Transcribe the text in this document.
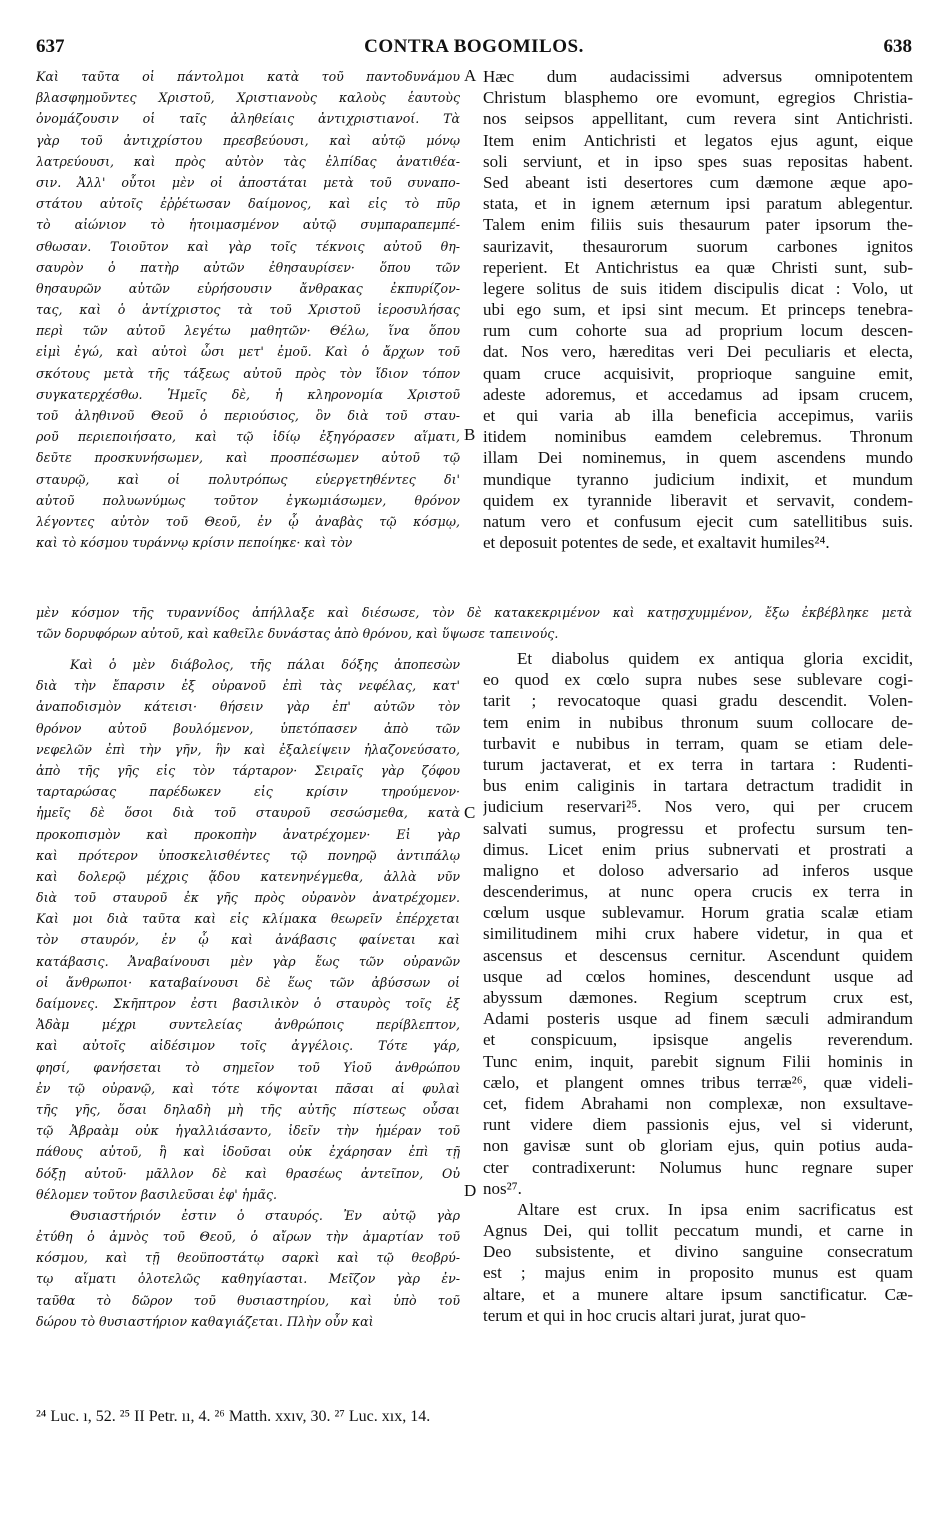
637	CONTRA BOGOMILOS.	638
A
B
C
D
Καὶ ταῦτα οἱ πάντολμοι κατὰ τοῦ παντοδυνάμου
βλασφημοῦντες Χριστοῦ, Χριστιανοὺς καλοὺς ἑαυτοὺς
ὀνομάζουσιν οἱ ταῖς ἀληθείαις ἀντιχριστιανοί. Τὰ
γὰρ τοῦ ἀντιχρίστου πρεσβεύουσι, καὶ αὐτῷ μόνῳ
λατρεύουσι, καὶ πρὸς αὐτὸν τὰς ἐλπίδας ἀνατιθέα-
σιν. Ἀλλ' οὗτοι μὲν οἱ ἀποστάται μετὰ τοῦ συναπο-
στάτου αὐτοῖς ἐῤῥέτωσαν δαίμονος, καὶ εἰς τὸ πῦρ
τὸ αἰώνιον τὸ ἡτοιμασμένον αὐτῷ συμπαραπεμπέ-
σθωσαν. Τοιοῦτον καὶ γὰρ τοῖς τέκνοις αὐτοῦ θη-
σαυρὸν ὁ πατὴρ αὐτῶν ἐθησαυρίσεν· ὅπου τῶν
θησαυρῶν αὐτῶν εὑρήσουσιν ἄνθρακας ἐκπυρίζον-
τας, καὶ ὁ ἀντίχριστος τὰ τοῦ Χριστοῦ ἱεροσυλήσας
περὶ τῶν αὐτοῦ λεγέτω μαθητῶν· Θέλω, ἵνα ὅπου
εἰμὶ ἐγώ, καὶ αὐτοὶ ὦσι μετ' ἐμοῦ. Καὶ ὁ ἄρχων τοῦ
σκότους μετὰ τῆς τάξεως αὐτοῦ πρὸς τὸν ἴδιον τόπον
συγκατερχέσθω. Ἡμεῖς δὲ, ἡ κληρονομία Χριστοῦ
τοῦ ἀληθινοῦ Θεοῦ ὁ περιούσιος, ὃν διὰ τοῦ σταυ-
ροῦ περιεποιήσατο, καὶ τῷ ἰδίῳ ἐξηγόρασεν αἵματι,
δεῦτε προσκυνήσωμεν, καὶ προσπέσωμεν αὐτοῦ τῷ
σταυρῷ, καὶ οἱ πολυτρόπως εὐεργετηθέντες δι'
αὐτοῦ πολυωνύμως τοῦτον ἐγκωμιάσωμεν, θρόνον
λέγοντες αὐτὸν τοῦ Θεοῦ, ἐν ᾧ ἀναβὰς τῷ κόσμῳ,
καὶ τὸ κόσμου τυράννῳ κρίσιν πεποίηκε· καὶ τὸν
Hæc dum audacissimi adversus omnipotentem
Christum blasphemo ore evomunt, egregios Christia-
nos seipsos appellitant, cum revera sint Antichristi.
Item enim Antichristi et legatos ejus agunt, eique
soli serviunt, et in ipso spes suas repositas habent.
Sed abeant isti desertores cum dæmone æque apo-
stata, et in ignem æternum ipsi paratum ablegentur.
Talem enim filiis suis thesaurum pater ipsorum the-
saurizavit, thesaurorum suorum carbones ignitos
reperient. Et Antichristus ea quæ Christi sunt, sub-
legere solitus de suis itidem discipulis dicat : Volo, ut
ubi ego sum, et ipsi sint mecum. Et princeps tenebra-
rum cum cohorte sua ad proprium locum descen-
dat. Nos vero, hæreditas veri Dei peculiaris et electa,
quam cruce acquisivit, proprioque sanguine emit,
adeste adoremus, et accedamus ad ipsam crucem,
et qui varia ab illa beneficia accepimus, variis
itidem nominibus eamdem celebremus. Thronum
illam Dei nominemus, in quem ascendens mundo
mundique tyranno judicium indixit, et mundum
quidem ex tyrannide liberavit et servavit, condem-
natum vero et confusum ejecit cum satellitibus suis.
et deposuit potentes de sede, et exaltavit humiles²⁴.
μὲν κόσμον τῆς τυραννίδος ἀπήλλαξε καὶ διέσωσε, τὸν δὲ κατακεκριμένον καὶ κατῃσχυμμένον, ἔξω ἐκβέβληκε μετὰ
τῶν δορυφόρων αὐτοῦ, καὶ καθεῖλε δυνάστας ἀπὸ θρόνου, καὶ ὕψωσε ταπεινούς.
Καὶ ὁ μὲν διάβολος, τῆς πάλαι δόξης ἀποπεσὼν
διὰ τὴν ἔπαρσιν ἐξ οὐρανοῦ ἐπὶ τὰς νεφέλας, κατ'
ἀναποδισμὸν κάτεισι· θήσειν γὰρ ἐπ' αὐτῶν τὸν
θρόνον αὐτοῦ βουλόμενον, ὑπετόπασεν ἀπὸ τῶν
νεφελῶν ἐπὶ τὴν γῆν, ἣν καὶ ἐξαλείψειν ἠλαζονεύσατο,
ἀπὸ τῆς γῆς εἰς τὸν τάρταρον· Σειραῖς γὰρ ζόφου
ταρταρώσας παρέδωκεν εἰς κρίσιν τηρούμενον·
ἡμεῖς δὲ ὅσοι διὰ τοῦ σταυροῦ σεσώσμεθα, κατὰ
προκοπισμὸν καὶ προκοπὴν ἀνατρέχομεν· Εἰ γὰρ
καὶ πρότερον ὑποσκελισθέντες τῷ πονηρῷ ἀντιπάλῳ
καὶ δολερῷ μέχρις ᾅδου κατενηνέγμεθα, ἀλλὰ νῦν
διὰ τοῦ σταυροῦ ἐκ γῆς πρὸς οὐρανὸν ἀνατρέχομεν.
Καὶ μοι διὰ ταῦτα καὶ εἰς κλίμακα θεωρεῖν ἐπέρχεται
τὸν σταυρόν, ἐν ᾧ καὶ ἀνάβασις φαίνεται καὶ
κατάβασις. Ἀναβαίνουσι μὲν γὰρ ἕως τῶν οὐρανῶν
οἱ ἄνθρωποι· καταβαίνουσι δὲ ἕως τῶν ἀβύσσων οἱ
δαίμονες. Σκῆπτρον ἐστι βασιλικὸν ὁ σταυρὸς τοῖς ἐξ
Ἀδὰμ μέχρι συντελείας ἀνθρώποις περίβλεπτον,
καὶ αὐτοῖς αἰδέσιμον τοῖς ἀγγέλοις. Τότε γάρ,
φησί, φανήσεται τὸ σημεῖον τοῦ Υἱοῦ ἀνθρώπου
ἐν τῷ οὐρανῷ, καὶ τότε κόψονται πᾶσαι αἱ φυλαὶ
τῆς γῆς, ὅσαι δηλαδὴ μὴ τῆς αὐτῆς πίστεως οὖσαι
τῷ Ἀβραὰμ οὐκ ἠγαλλιάσαντο, ἰδεῖν τὴν ἡμέραν τοῦ
πάθους αὐτοῦ, ἢ καὶ ἰδοῦσαι οὐκ ἐχάρησαν ἐπὶ τῇ
δόξῃ αὐτοῦ· μᾶλλον δὲ καὶ θρασέως ἀντεῖπον, Οὐ
θέλομεν τοῦτον βασιλεῦσαι ἐφ' ἡμᾶς.
Θυσιαστήριόν ἐστιν ὁ σταυρός. Ἐν αὐτῷ γὰρ
ἐτύθη ὁ ἀμνὸς τοῦ Θεοῦ, ὁ αἴρων τὴν ἁμαρτίαν τοῦ
κόσμου, καὶ τῇ θεοϋποστάτῳ σαρκὶ καὶ τῷ θεοβρύ-
τῳ αἵματι ὁλοτελῶς καθηγίασται. Μεῖζον γὰρ ἐν-
ταῦθα τὸ δῶρον τοῦ θυσιαστηρίου, καὶ ὑπὸ τοῦ
δώρου τὸ θυσιαστήριον καθαγιάζεται. Πλὴν οὖν καὶ
Et diabolus quidem ex antiqua gloria excidit,
eo quod ex cœlo supra nubes sese sublevare cogi-
tarit ; revocatoque quasi gradu descendit. Volen-
tem enim in nubibus thronum suum collocare de-
turbavit e nubibus in terram, quam se etiam dele-
turum jactaverat, et ex terra in tartara : Rudenti-
bus enim caliginis in tartara detractum tradidit in
judicium reservari²⁵. Nos vero, qui per crucem
salvati sumus, progressu et profectu sursum ten-
dimus. Licet enim prius subnervati et prostrati a
maligno et doloso adversario ad inferos usque
descenderimus, at nunc opera crucis ex terra in
cœlum usque sublevamur. Horum gratia scalæ etiam
similitudinem mihi crux habere videtur, in qua et
ascensus et descensus cernitur. Ascendunt quidem
usque ad cœlos homines, descendunt usque ad
abyssum dæmones. Regium sceptrum crux est,
Adami posteris usque ad finem sæculi admirandum
et conspicuum, ipsisque angelis reverendum.
Tunc enim, inquit, parebit signum Filii hominis in
cælo, et plangent omnes tribus terræ²⁶, quæ videli-
cet, fidem Abrahami non complexæ, non exsultave-
runt videre diem passionis ejus, vel si viderunt,
non gavisæ sunt ob gloriam ejus, quin potius auda-
cter contradixerunt: Nolumus hunc regnare super
nos²⁷.
Altare est crux. In ipsa enim sacrificatus est
Agnus Dei, qui tollit peccatum mundi, et carne in
Deo subsistente, et divino sanguine consecratum
est ; majus enim in proposito munus est quam
altare, et a munere altare ipsum sanctificatur. Cæ-
terum et qui in hoc crucis altari jurat, jurat quo-
²⁴ Luc. ı, 52. ²⁵ II Petr. ıı, 4. ²⁶ Matth. xxıv, 30. ²⁷ Luc. xıx, 14.
